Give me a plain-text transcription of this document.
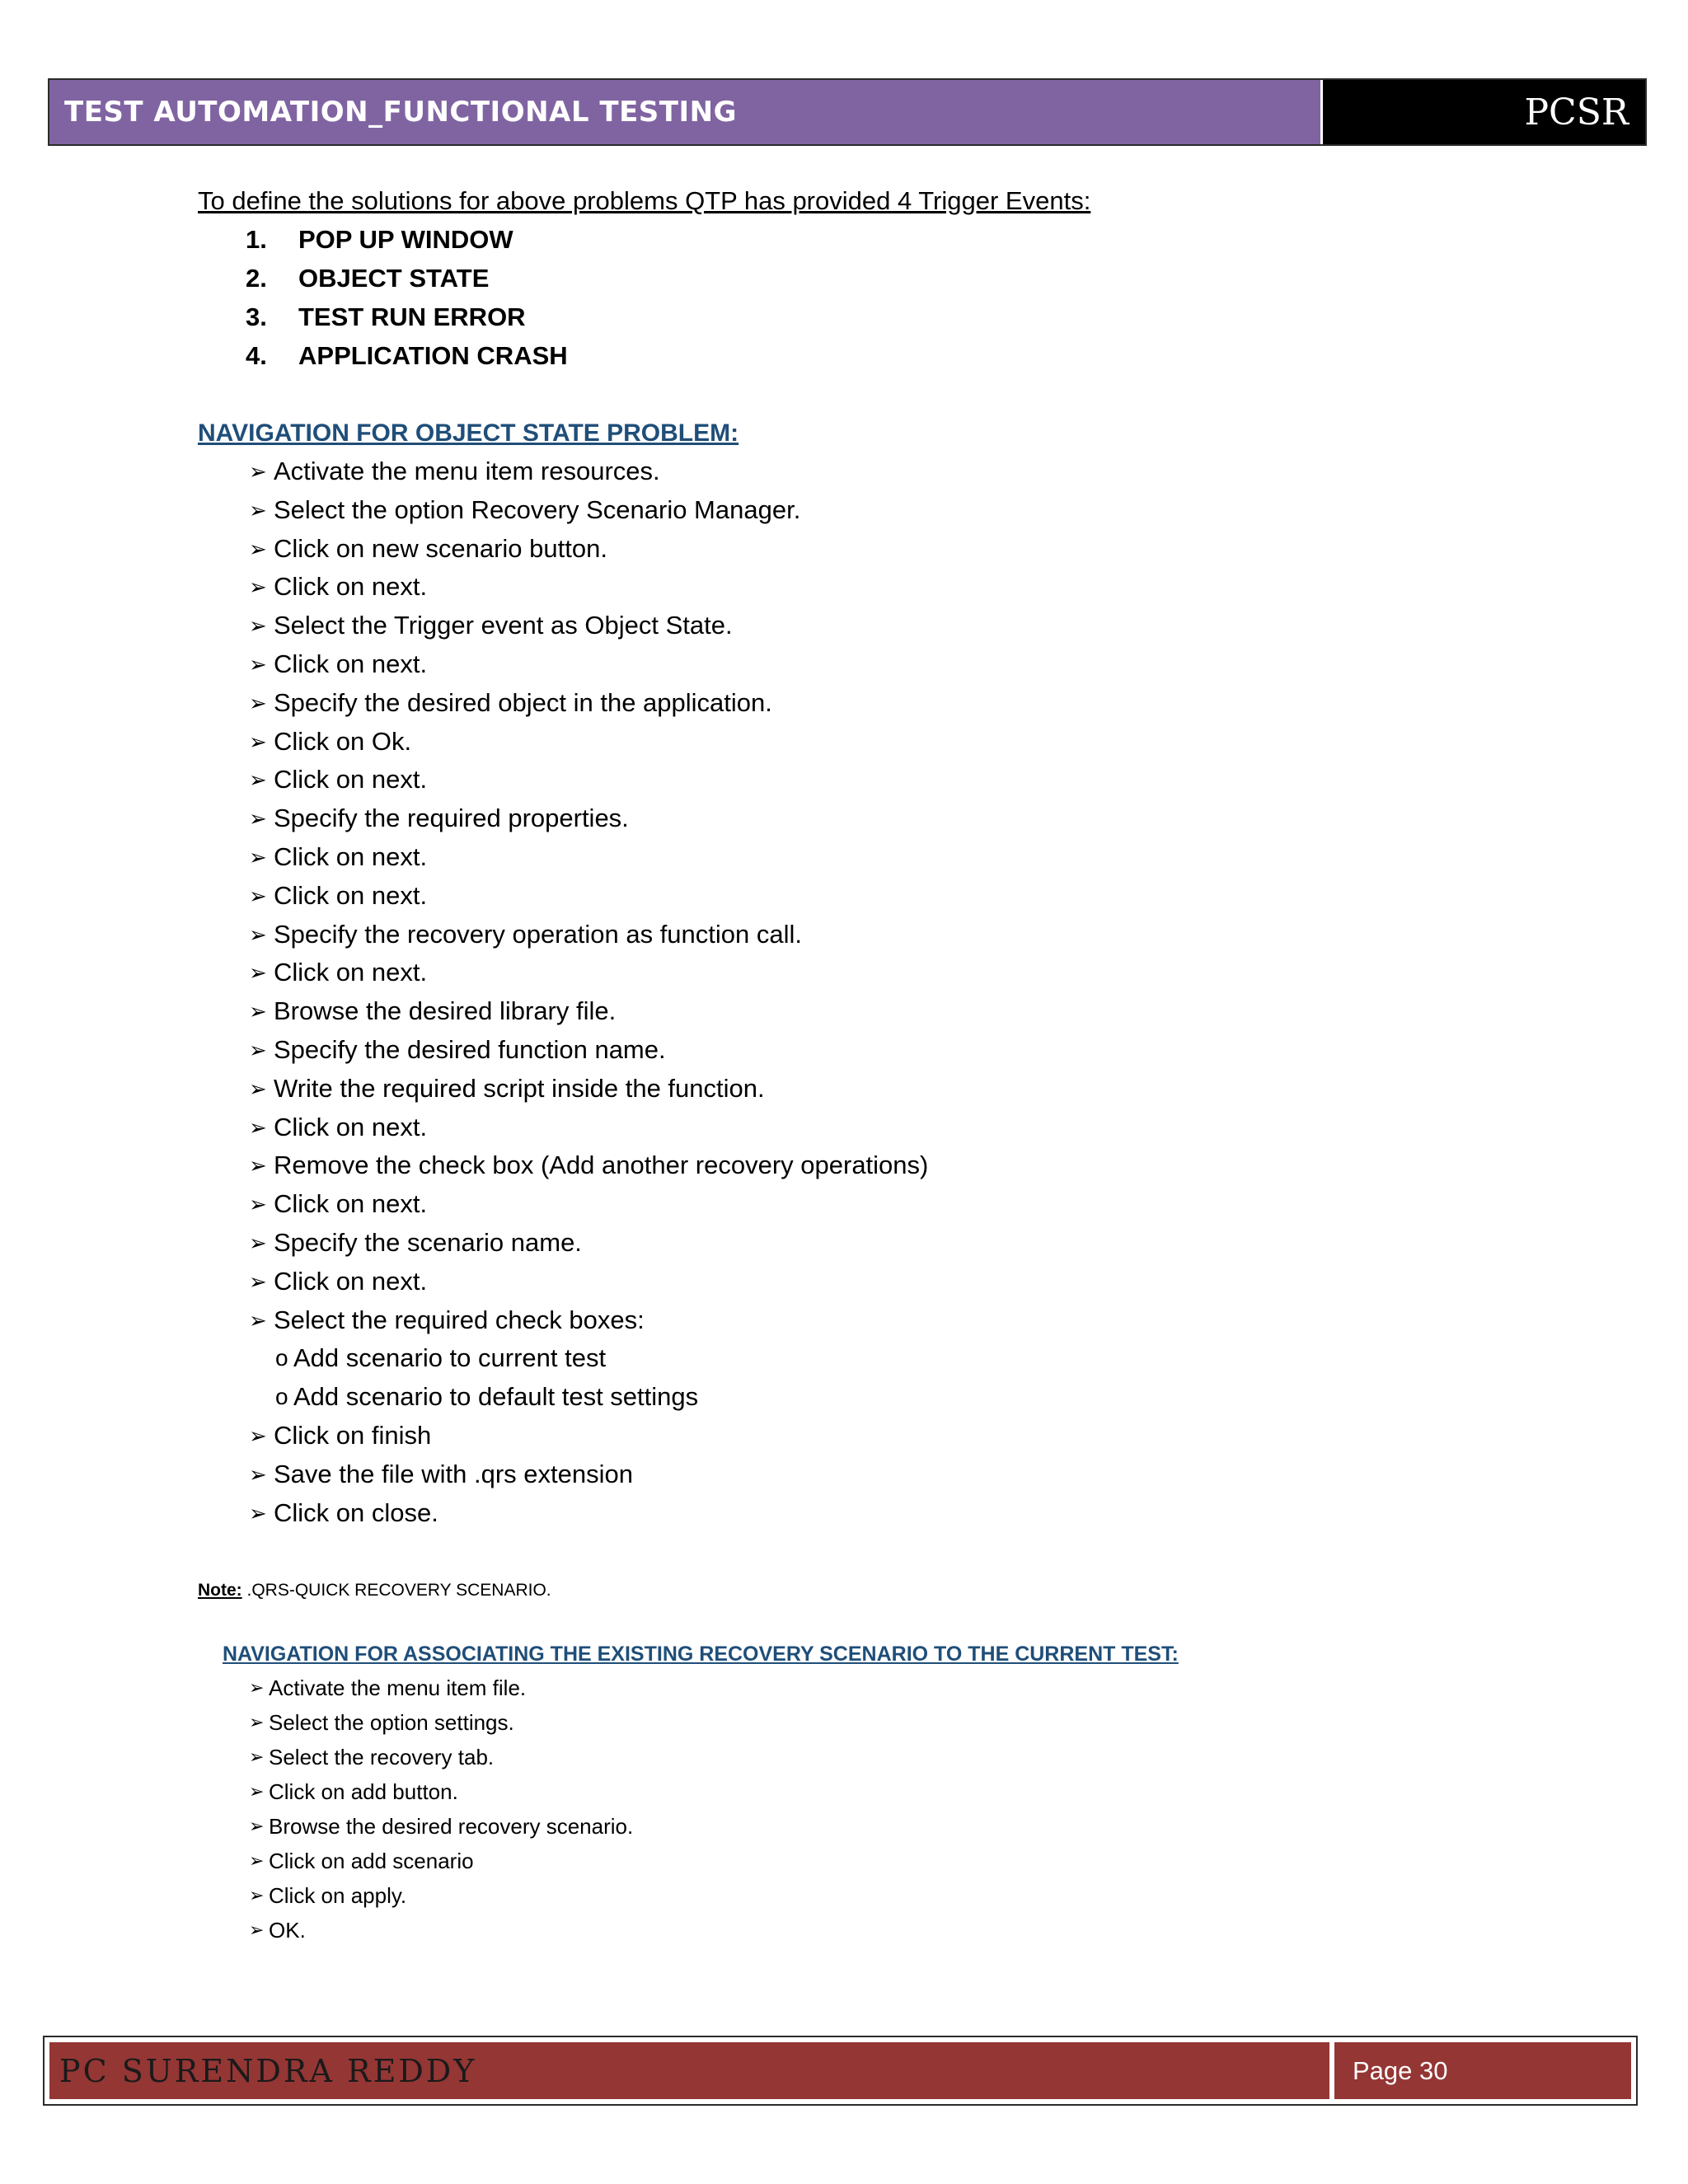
TEST AUTOMATION_FUNCTIONAL TESTING	PCSR

To define the solutions for above problems QTP has provided 4 Trigger Events:

1.	POP UP WINDOW
2.	OBJECT STATE
3.	TEST RUN ERROR
4.	APPLICATION CRASH
NAVIGATION FOR OBJECT STATE PROBLEM:
➢ Activate the menu item resources.
➢ Select the option Recovery Scenario Manager.
➢ Click on new scenario button.
➢ Click on next.
➢ Select the Trigger event as Object State.
➢ Click on next.
➢ Specify the desired object in the application.
➢ Click on Ok.
➢ Click on next.
➢ Specify the required properties.
➢ Click on next.
➢ Click on next.
➢ Specify the recovery operation as function call.
➢ Click on next.
➢ Browse the desired library file.
➢ Specify the desired function name.
➢ Write the required script inside the function.
➢ Click on next.
➢ Remove the check box (Add another recovery operations)
➢ Click on next.
➢ Specify the scenario name.
➢ Click on next.
➢ Select the required check boxes:
o Add scenario to current test
o Add scenario to default test settings
➢ Click on finish
➢ Save the file with .qrs extension
➢ Click on close.
Note: .QRS-QUICK RECOVERY SCENARIO.
NAVIGATION FOR ASSOCIATING THE EXISTING RECOVERY SCENARIO TO THE CURRENT TEST:
➢ Activate the menu item file.
➢ Select the option settings.
➢ Select the recovery tab.
➢ Click on add button.
➢ Browse the desired recovery scenario.
➢ Click on add scenario
➢ Click on apply.
➢ OK.
PC SURENDRA REDDY	Page 30
